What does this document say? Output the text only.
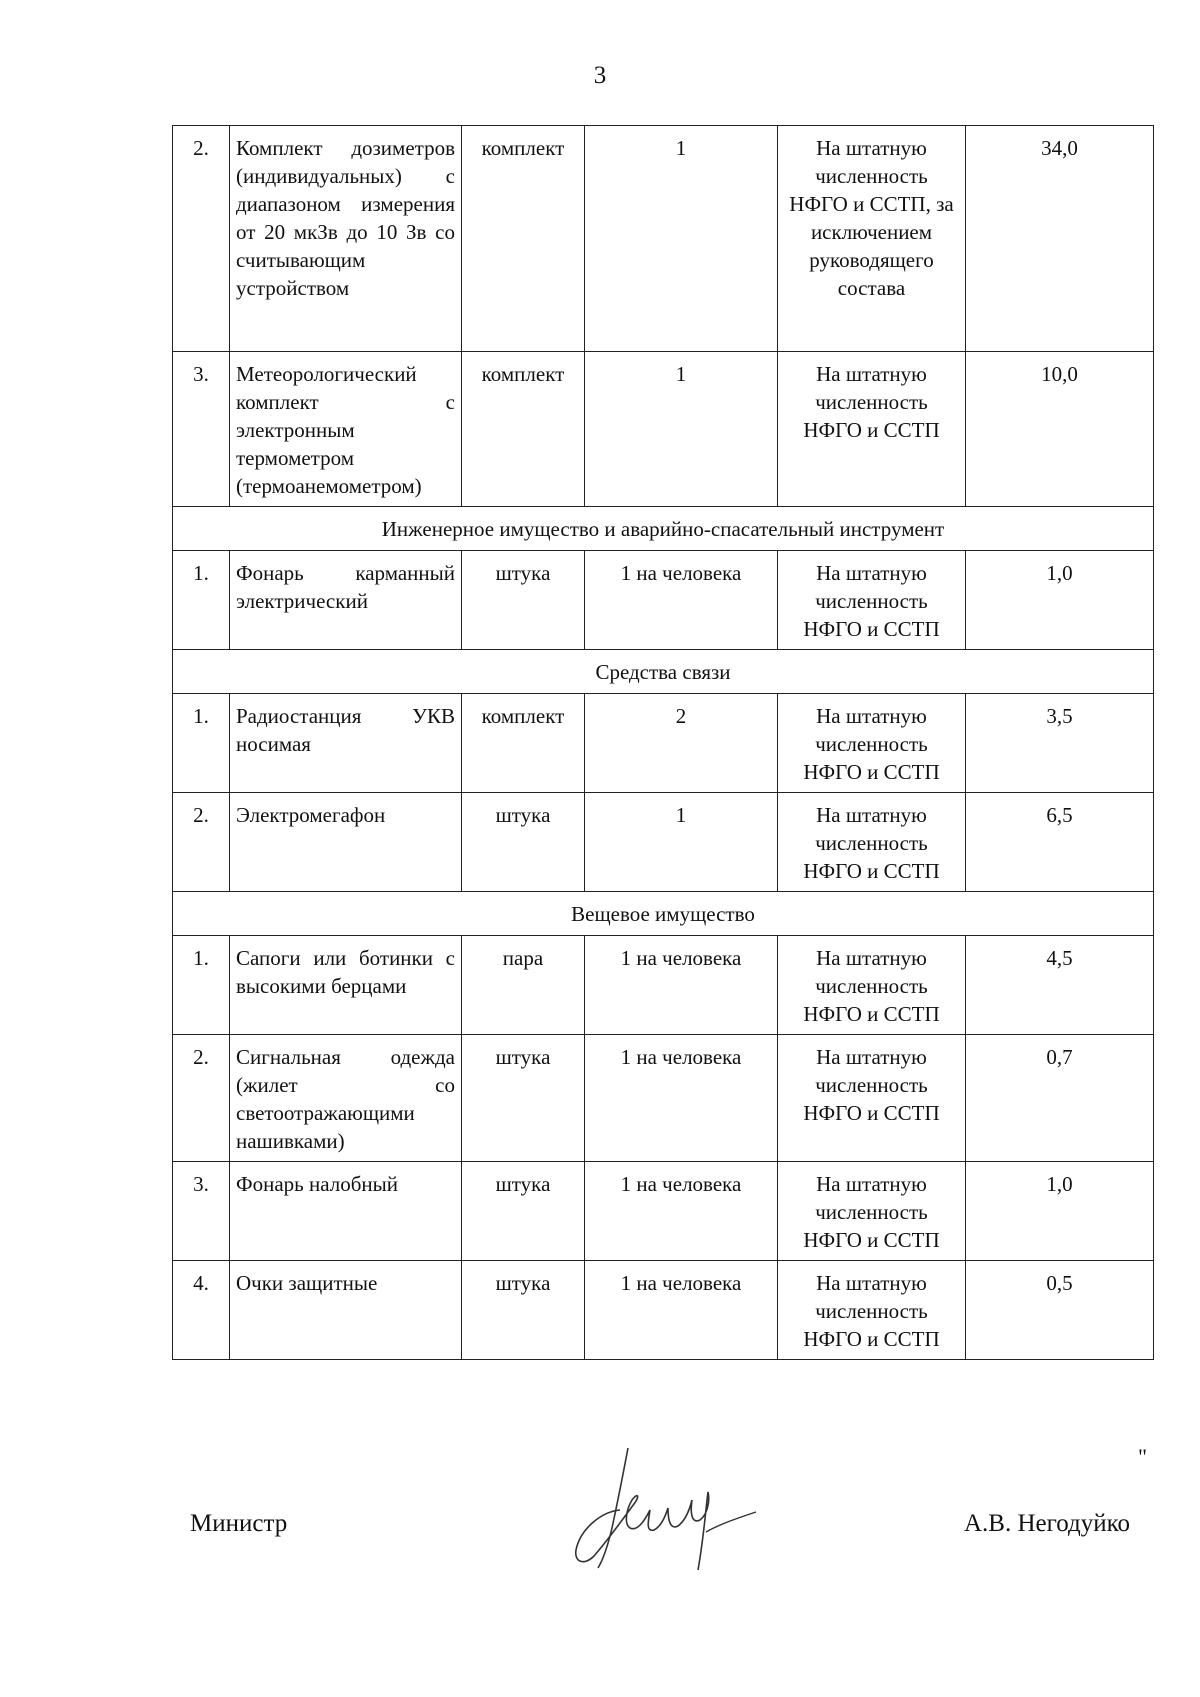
3
2.	Комплект дозиметров (индивидуальных) с диапазоном измерения от 20 мкЗв до 10 Зв со считывающим устройством	комплект	1	На штатную численность НФГО и ССТП, за исключением руководящего состава	34,0
3.	Метеорологический комплект с электронным термометром (термоанемометром)	комплект	1	На штатную численность НФГО и ССТП	10,0
Инженерное имущество и аварийно-спасательный инструмент					
1.	Фонарь карманный электрический	штука	1 на человека	На штатную численность НФГО и ССТП	1,0
Средства связи					
1.	Радиостанция УКВ носимая	комплект	2	На штатную численность НФГО и ССТП	3,5
2.	Электромегафон	штука	1	На штатную численность НФГО и ССТП	6,5
Вещевое имущество					
1.	Сапоги или ботинки с высокими берцами	пара	1 на человека	На штатную численность НФГО и ССТП	4,5
2.	Сигнальная одежда (жилет со светоотражающими нашивками)	штука	1 на человека	На штатную численность НФГО и ССТП	0,7
3.	Фонарь налобный	штука	1 на человека	На штатную численность НФГО и ССТП	1,0
4.	Очки защитные	штука	1 на человека	На штатную численность НФГО и ССТП	0,5
"
Министр	А.В. Негодуйко
